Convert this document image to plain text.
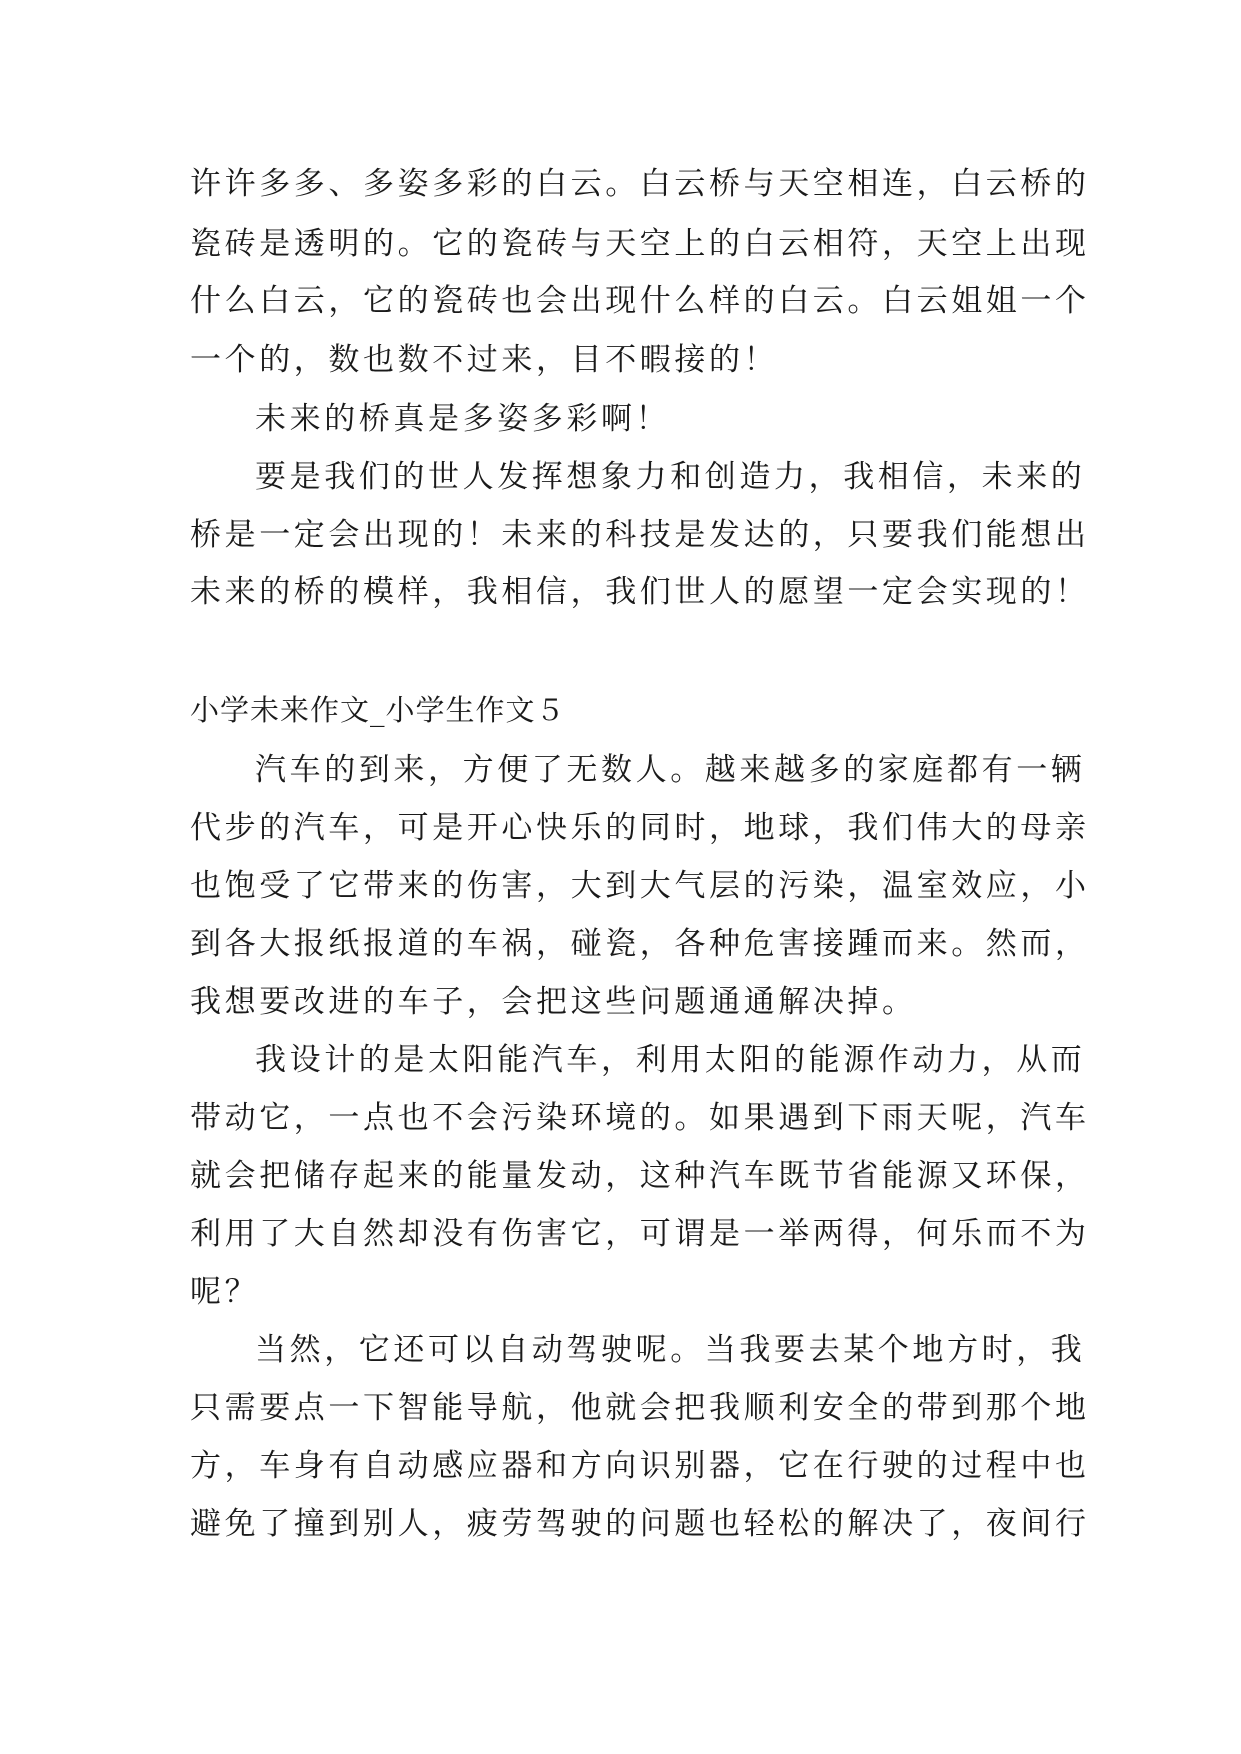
许许多多、多姿多彩的白云。白云桥与天空相连，白云桥的
瓷砖是透明的。它的瓷砖与天空上的白云相符，天空上出现
什么白云，它的瓷砖也会出现什么样的白云。白云姐姐一个
一个的，数也数不过来，目不暇接的！
未来的桥真是多姿多彩啊！
要是我们的世人发挥想象力和创造力，我相信，未来的
桥是一定会出现的！未来的科技是发达的，只要我们能想出
未来的桥的模样，我相信，我们世人的愿望一定会实现的！
小学未来作文_小学生作文５
汽车的到来，方便了无数人。越来越多的家庭都有一辆
代步的汽车，可是开心快乐的同时，地球，我们伟大的母亲
也饱受了它带来的伤害，大到大气层的污染，温室效应，小
到各大报纸报道的车祸，碰瓷，各种危害接踵而来。然而，
我想要改进的车子，会把这些问题通通解决掉。
我设计的是太阳能汽车，利用太阳的能源作动力，从而
带动它，一点也不会污染环境的。如果遇到下雨天呢，汽车
就会把储存起来的能量发动，这种汽车既节省能源又环保，
利用了大自然却没有伤害它，可谓是一举两得，何乐而不为
呢？
当然，它还可以自动驾驶呢。当我要去某个地方时，我
只需要点一下智能导航，他就会把我顺利安全的带到那个地
方，车身有自动感应器和方向识别器，它在行驶的过程中也
避免了撞到别人，疲劳驾驶的问题也轻松的解决了，夜间行
